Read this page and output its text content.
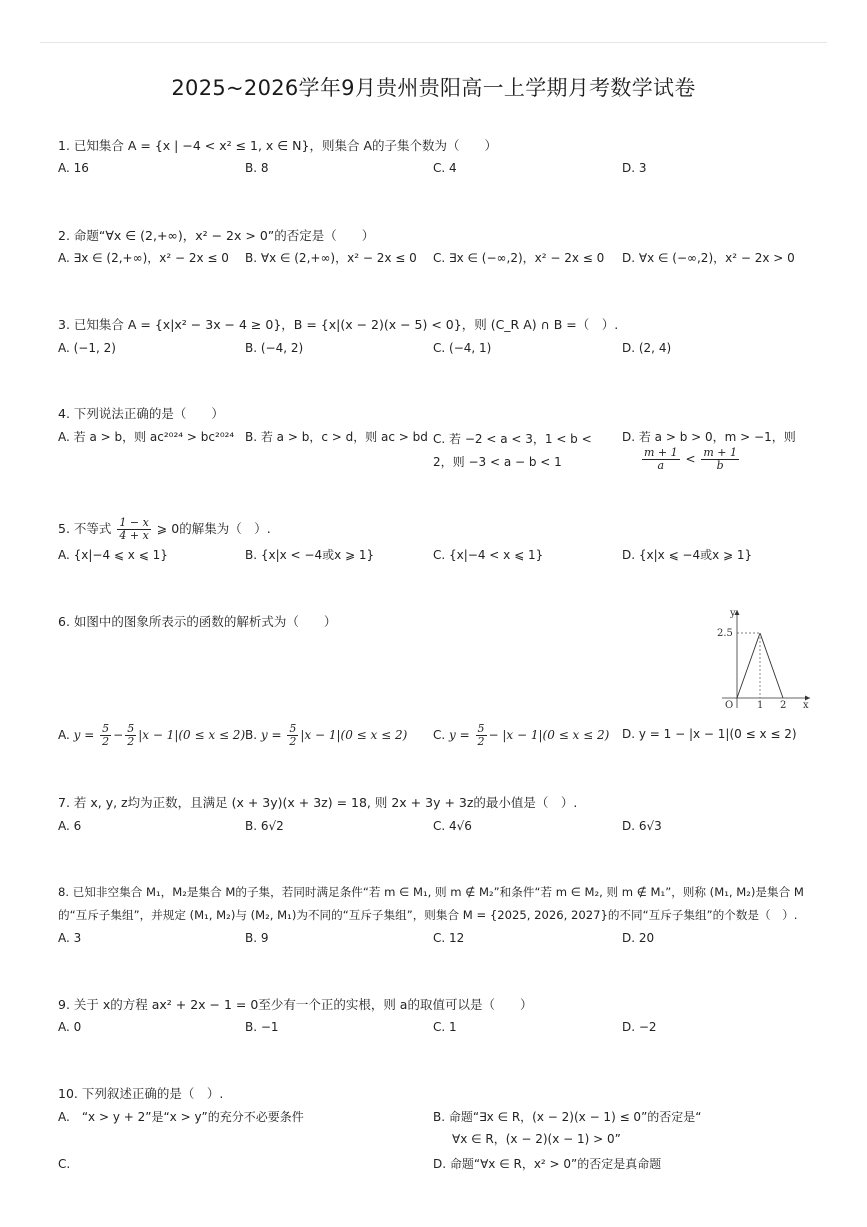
2025~2026学年9月贵州贵阳高一上学期月考数学试卷
1. 已知集合 A = {x | −4 < x² ≤ 1, x ∈ N}，则集合 A的子集个数为（　　）
A. 16	B. 8	C. 4	D. 3
2. 命题“∀x ∈ (2,+∞)，x² − 2x > 0”的否定是（　　）
A. ∃x ∈ (2,+∞)，x² − 2x ≤ 0 B. ∀x ∈ (2,+∞)，x² − 2x ≤ 0 C. ∃x ∈ (−∞,2)，x² − 2x ≤ 0 D. ∀x ∈ (−∞,2)，x² − 2x > 0
3. 已知集合 A = {x|x² − 3x − 4 ≥ 0}，B = {x|(x − 2)(x − 5) < 0}，则 (C_R A) ∩ B =（　）.
A. (−1, 2)	B. (−4, 2)	C. (−4, 1)	D. (2, 4)
4. 下列说法正确的是（　　）
A. 若 a > b，则 ac²⁰²⁴ > bc²⁰²⁴ B. 若 a > b，c > d，则 ac > bd C. 若 −2 < a < 3，1 < b < 2，则 −3 < a − b < 1
D. 若 a > b > 0，m > −1，则
$\frac{m + 1}{a} < \frac{m + 1}{b}$
5. 不等式 $\frac{1 - x}{4 + x}$ ⩾ 0的解集为（　）.
A. {x|−4 ⩽ x ⩽ 1}	B. {x|x < −4或x ⩾ 1}	C. {x|−4 < x ⩽ 1}	D. {x|x ⩽ −4或x ⩾ 1}
6. 如图中的图象所表示的函数的解析式为（　　）
y
x
O
2.5
1 2
A. $y = \frac{5}{2} - \frac{5}{2} |x - 1|(0 \le x \le 2)$ B. $y = \frac{5}{2} |x - 1|(0 \le x \le 2)$ C. $y = \frac{5}{2} - |x - 1|(0 \le x \le 2)$ D. y = 1 − |x − 1|(0 ≤ x ≤ 2)
7. 若 x, y, z均为正数，且满足 (x + 3y)(x + 3z) = 18, 则 2x + 3y + 3z的最小值是（　）.
A. 6	B. 6√2	C. 4√6	D. 6√3
8. 已知非空集合 M₁，M₂是集合 M的子集，若同时满足条件“若 m ∈ M₁, 则 m ∉ M₂”和条件“若 m ∈ M₂, 则 m ∉ M₁”，则称 (M₁, M₂)是集合 M
的“互斥子集组”，并规定 (M₁, M₂)与 (M₂, M₁)为不同的“互斥子集组”，则集合 M = {2025, 2026, 2027}的不同“互斥子集组”的个数是（　）.
A. 3	B. 9	C. 12	D. 20
9. 关于 x的方程 ax² + 2x − 1 = 0至少有一个正的实根，则 a的取值可以是（　　）
A. 0	B. −1	C. 1	D. −2
10. 下列叙述正确的是（　）.
A.　“x > y + 2”是“x > y”的充分不必要条件	B. 命题“∃x ∈ R，(x − 2)(x − 1) ≤ 0”的否定是“
∀x ∈ R，(x − 2)(x − 1) > 0”
C.	D. 命题“∀x ∈ R，x² > 0”的否定是真命题
